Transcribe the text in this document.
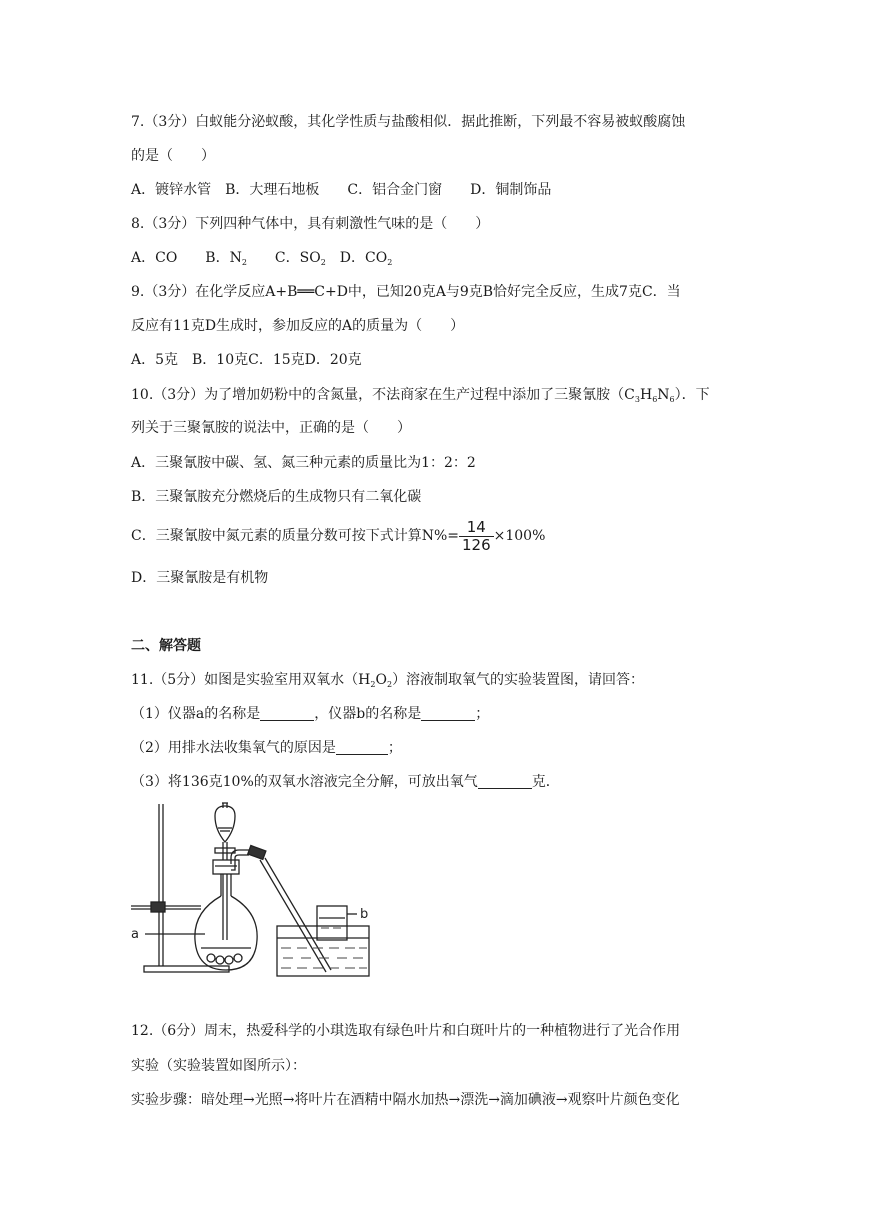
7.（3分）白蚁能分泌蚁酸，其化学性质与盐酸相似．据此推断，下列最不容易被蚁酸腐蚀
的是（　　）
A．镀锌水管　B．大理石地板　　C．铝合金门窗　　D．铜制饰品
8.（3分）下列四种气体中，具有刺激性气味的是（　　）
A．CO　　B．$N_2$　　C．$SO_2$　D．$CO_2$
9.（3分）在化学反应A+B══C+D中，已知20克A与9克B恰好完全反应，生成7克C．当
反应有11克D生成时，参加反应的A的质量为（　　）
A．5克　B．10克C．15克D．20克
10.（3分）为了增加奶粉中的含氮量，不法商家在生产过程中添加了三聚氰胺$(C_3H_6N_6)$．下
列关于三聚氰胺的说法中，正确的是（　　）
A．三聚氰胺中碳、氢、氮三种元素的质量比为1：2：2
B．三聚氰胺充分燃烧后的生成物只有二氧化碳
C．三聚氰胺中氮元素的质量分数可按下式计算$N\%= \frac{14}{126} \times 100\%$
D．三聚氰胺是有机物
二、解答题
11.（5分）如图是实验室用双氧水$(H_2O_2)$溶液制取氧气的实验装置图，请回答：
（1）仪器a的名称是	，仪器b的名称是	；
（2）用排水法收集氧气的原因是	；
（3）将136克10%的双氧水溶液完全分解，可放出氧气	克．
a
b
12.（6分）周末，热爱科学的小琪选取有绿色叶片和白斑叶片的一种植物进行了光合作用
实验（实验装置如图所示）：
实验步骤：暗处理→光照→将叶片在酒精中隔水加热→漂洗→滴加碘液→观察叶片颜色变化
